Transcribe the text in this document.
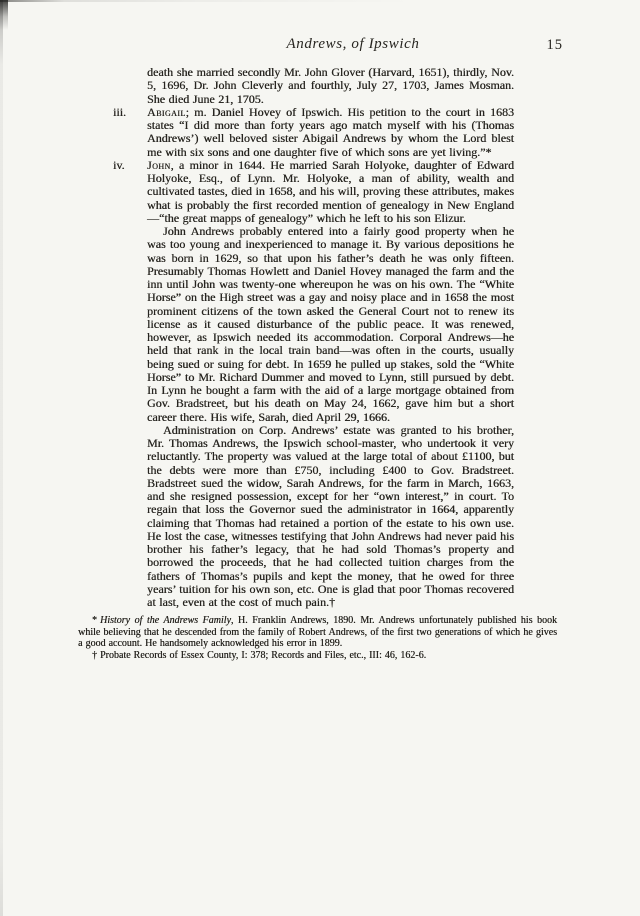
Andrews, of Ipswich	15

death she married secondly Mr. John Glover (Harvard, 1651), thirdly, Nov. 5, 1696, Dr. John Cleverly and fourthly, July 27, 1703, James Mosman. She died June 21, 1705.

iii. Abigail; m. Daniel Hovey of Ipswich. His petition to the court in 1683 states “I did more than forty years ago match myself with his (Thomas Andrews’) well beloved sister Abigail Andrews by whom the Lord blest me with six sons and one daughter five of which sons are yet living.”*

iv. John, a minor in 1644. He married Sarah Holyoke, daughter of Edward Holyoke, Esq., of Lynn. Mr. Holyoke, a man of ability, wealth and cultivated tastes, died in 1658, and his will, proving these attributes, makes what is probably the first recorded mention of genealogy in New England—“the great mapps of genealogy” which he left to his son Elizur.

John Andrews probably entered into a fairly good property when he was too young and inexperienced to manage it. By various depositions he was born in 1629, so that upon his father’s death he was only fifteen. Presumably Thomas Howlett and Daniel Hovey managed the farm and the inn until John was twenty-one whereupon he was on his own. The “White Horse” on the High street was a gay and noisy place and in 1658 the most prominent citizens of the town asked the General Court not to renew its license as it caused disturbance of the public peace. It was renewed, however, as Ipswich needed its accommodation. Corporal Andrews—he held that rank in the local train band—was often in the courts, usually being sued or suing for debt. In 1659 he pulled up stakes, sold the “White Horse” to Mr. Richard Dummer and moved to Lynn, still pursued by debt. In Lynn he bought a farm with the aid of a large mortgage obtained from Gov. Bradstreet, but his death on May 24, 1662, gave him but a short career there. His wife, Sarah, died April 29, 1666.

Administration on Corp. Andrews’ estate was granted to his brother, Mr. Thomas Andrews, the Ipswich school-master, who undertook it very reluctantly. The property was valued at the large total of about £1100, but the debts were more than £750, including £400 to Gov. Bradstreet. Bradstreet sued the widow, Sarah Andrews, for the farm in March, 1663, and she resigned possession, except for her “own interest,” in court. To regain that loss the Governor sued the administrator in 1664, apparently claiming that Thomas had retained a portion of the estate to his own use. He lost the case, witnesses testifying that John Andrews had never paid his brother his father’s legacy, that he had sold Thomas’s property and borrowed the proceeds, that he had collected tuition charges from the fathers of Thomas’s pupils and kept the money, that he owed for three years’ tuition for his own son, etc. One is glad that poor Thomas recovered at last, even at the cost of much pain.†

* History of the Andrews Family, H. Franklin Andrews, 1890. Mr. Andrews unfortunately published his book while believing that he descended from the family of Robert Andrews, of the first two generations of which he gives a good account. He handsomely acknowledged his error in 1899.

† Probate Records of Essex County, I: 378; Records and Files, etc., III: 46, 162-6.
